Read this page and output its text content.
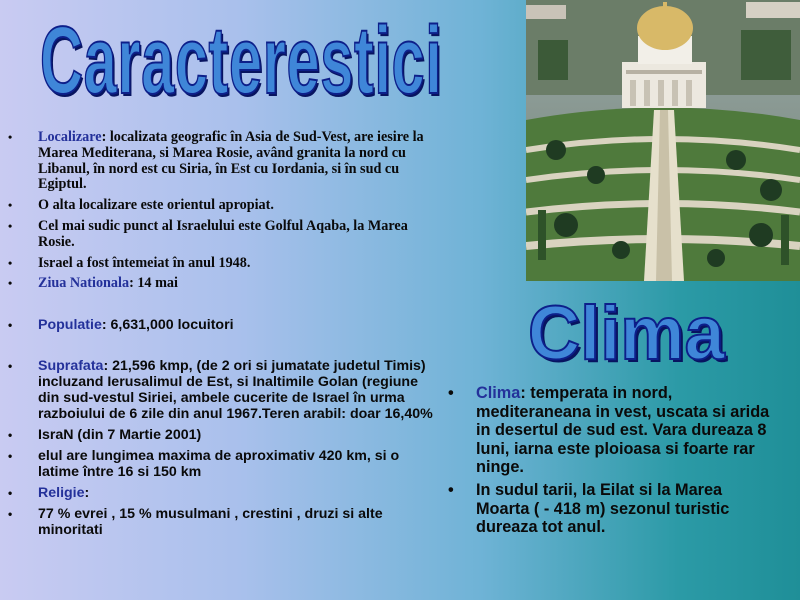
Caracterestici
• Localizare: localizata geografic în Asia de Sud-Vest, are iesire la Marea Mediterana, si Marea Rosie, având granita la nord cu Libanul, în nord est cu Siria, în Est cu Iordania, si în sud cu Egiptul.
• O alta localizare este orientul apropiat.
• Cel mai sudic punct al Israelului este Golful Aqaba, la Marea Rosie.
• Israel a fost întemeiat în anul 1948.
• Ziua Nationala: 14 mai
• Populatie: 6,631,000 locuitori
• Suprafata: 21,596 kmp, (de 2 ori si jumatate judetul Timis) incluzand Ierusalimul de Est, si Inaltimile Golan (regiune din sud-vestul Siriei, ambele cucerite de Israel în urma razboiului de 6 zile din anul 1967.Teren arabil: doar 16,40%
• IsraN (din 7 Martie 2001)
• elul are lungimea maxima de aproximativ 420 km, si o latime între 16 si 150 km
• Religie:
• 77 % evrei , 15 % musulmani , crestini , druzi si alte minoritati
Clima
• Clima: temperata in nord, mediteraneana in vest, uscata si arida in desertul de sud est. Vara dureaza 8 luni, iarna este ploioasa si foarte rar ninge.
• In sudul tarii, la Eilat si la Marea Moarta ( - 418 m) sezonul turistic dureaza tot anul.
